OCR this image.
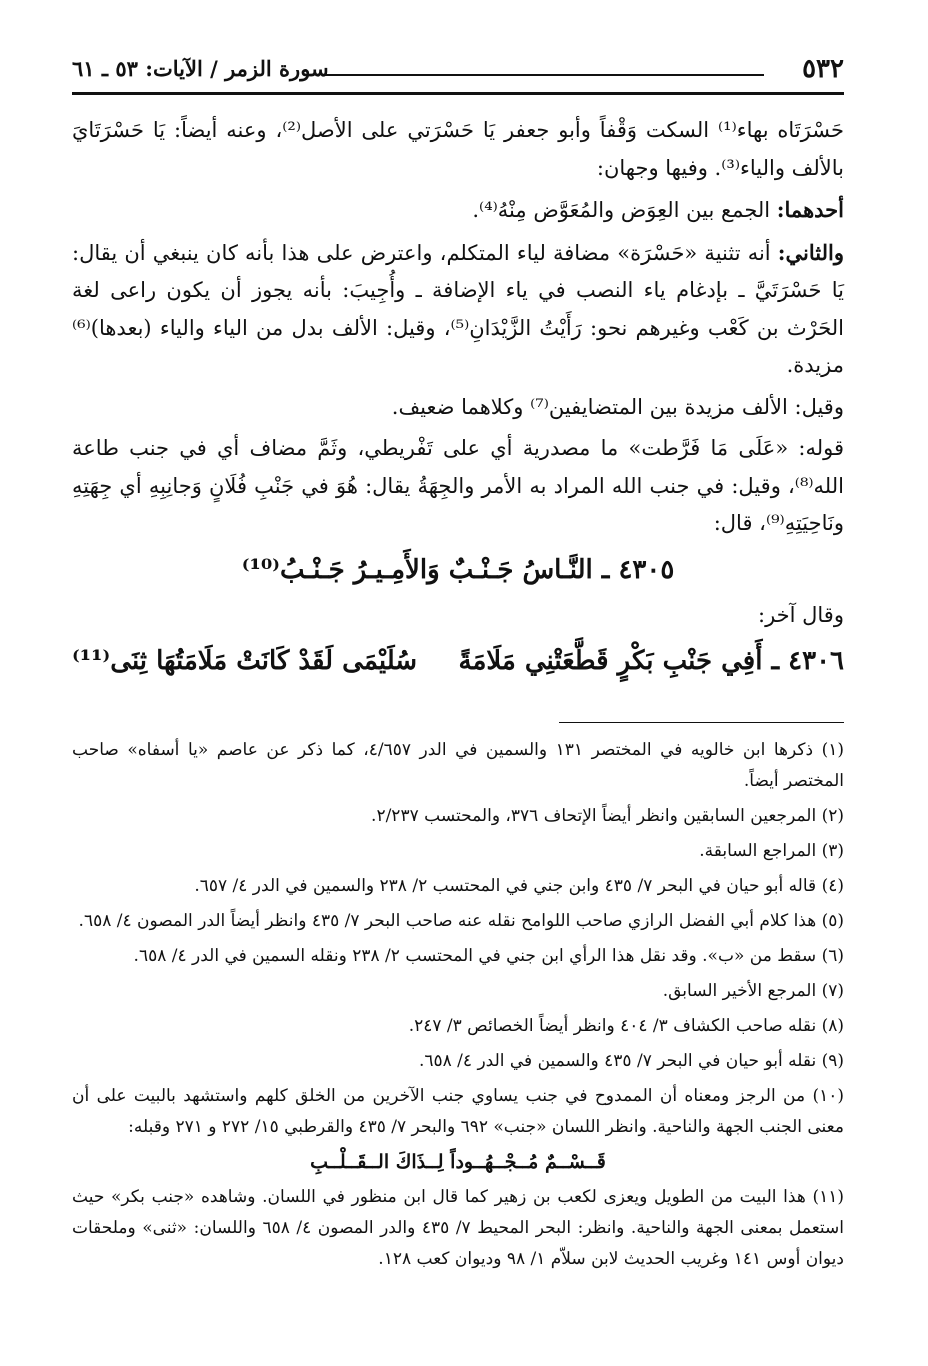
٥٣٢
سورة الزمر / الآيات: ٥٣ ـ ٦١

حَسْرَتَاه بهاء⁽¹⁾ السكت وَقْفاً وأبو جعفر يَا حَسْرَتي على الأصل⁽²⁾، وعنه أيضاً: يَا حَسْرَتَايَ بالألف والياء⁽³⁾. وفيها وجهان:

أحدهما: الجمع بين العِوَض والمُعَوَّض مِنْهُ⁽⁴⁾.

والثاني: أنه تثنية «حَسْرَة» مضافة لياء المتكلم، واعترض على هذا بأنه كان ينبغي أن يقال: يَا حَسْرَتَيَّ ـ بإدغام ياء النصب في ياء الإضافة ـ وأُجِيبَ: بأنه يجوز أن يكون راعى لغة الحَرْث بن كَعْب وغيرهم نحو: رَأَيْتُ الزَّيْدَانِ⁽⁵⁾، وقيل: الألف بدل من الياء والياء (بعدها)⁽⁶⁾ مزيدة.

وقيل: الألف مزيدة بين المتضايفين⁽⁷⁾ وكلاهما ضعيف.

قوله: «عَلَى مَا فَرَّطت» ما مصدرية أي على تَفْريطي، وثَمَّ مضاف أي في جنب طاعة الله⁽⁸⁾، وقيل: في جنب الله المراد به الأمر والجِهَةُ يقال: هُوَ في جَنْبِ فُلَانٍ وَجانِبِهِ أي جِهَتِهِ ونَاحِيَتِهِ⁽⁹⁾، قال:

٤٣٠٥ ـ النَّـاسُ جَـنْـبٌ وَالأَمِـيـرُ جَـنْـبُ⁽¹⁰⁾

وقال آخر:

٤٣٠٦ ـ أَفِي جَنْبِ بَكْرٍ قَطَّعَتْنِي مَلَامَةً
سُلَيْمَى لَقَدْ كَانَتْ مَلَامَتُهَا ثِنَى⁽¹¹⁾

(١) ذكرها ابن خالويه في المختصر ١٣١ والسمين في الدر ٤/٦٥٧، كما ذكر عن عاصم «يا أسفاه» صاحب المختصر أيضاً.

(٢) المرجعين السابقين وانظر أيضاً الإتحاف ٣٧٦، والمحتسب ٢/٢٣٧.

(٣) المراجع السابقة.

(٤) قاله أبو حيان في البحر ٧/ ٤٣٥ وابن جني في المحتسب ٢/ ٢٣٨ والسمين في الدر ٤/ ٦٥٧.

(٥) هذا كلام أبي الفضل الرازي صاحب اللوامح نقله عنه صاحب البحر ٧/ ٤٣٥ وانظر أيضاً الدر المصون ٤/ ٦٥٨.

(٦) سقط من «ب». وقد نقل هذا الرأي ابن جني في المحتسب ٢/ ٢٣٨ ونقله السمين في الدر ٤/ ٦٥٨.

(٧) المرجع الأخير السابق.

(٨) نقله صاحب الكشاف ٣/ ٤٠٤ وانظر أيضاً الخصائص ٣/ ٢٤٧.

(٩) نقله أبو حيان في البحر ٧/ ٤٣٥ والسمين في الدر ٤/ ٦٥٨.

(١٠) من الرجز ومعناه أن الممدوح في جنب يساوي جنب الآخرين من الخلق كلهم واستشهد بالبيت على أن معنى الجنب الجهة والناحية. وانظر اللسان «جنب» ٦٩٢ والبحر ٧/ ٤٣٥ والقرطبي ١٥/ ٢٧٢ و ٢٧١ وقبله:

قَــسْــمٌ مُــجْــهُــوداً لِــذَاكَ الــقَــلْــبِ

(١١) هذا البيت من الطويل ويعزى لكعب بن زهير كما قال ابن منظور في اللسان. وشاهده «جنب بكر» حيث استعمل بمعنى الجهة والناحية. وانظر: البحر المحيط ٧/ ٤٣٥ والدر المصون ٤/ ٦٥٨ واللسان: «ثنى» وملحقات ديوان أوس ١٤١ وغريب الحديث لابن سلاّم ١/ ٩٨ وديوان كعب ١٢٨.
